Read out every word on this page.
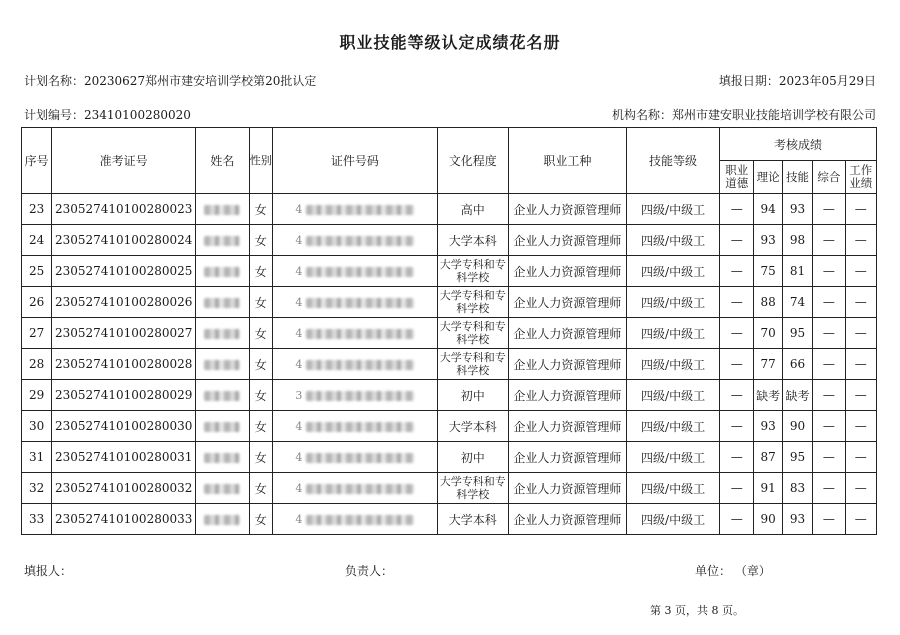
职业技能等级认定成绩花名册
计划名称：20230627郑州市建安培训学校第20批认定	填报日期：2023年05月29日
计划编号：23410100280020	机构名称：郑州市建安职业技能培训学校有限公司
序号	准考证号	姓名	性别	证件号码	文化程度	职业工种	技能等级	考核成绩				
								职业道德	理论	技能	综合	工作业绩
23	230527410100280023		女	4	高中	企业人力资源管理师	四级/中级工	—	94	93	—	—
24	230527410100280024		女	4	大学本科	企业人力资源管理师	四级/中级工	—	93	98	—	—
25	230527410100280025		女	4	大学专科和专科学校	企业人力资源管理师	四级/中级工	—	75	81	—	—
26	230527410100280026		女	4	大学专科和专科学校	企业人力资源管理师	四级/中级工	—	88	74	—	—
27	230527410100280027		女	4	大学专科和专科学校	企业人力资源管理师	四级/中级工	—	70	95	—	—
28	230527410100280028		女	4	大学专科和专科学校	企业人力资源管理师	四级/中级工	—	77	66	—	—
29	230527410100280029		女	3	初中	企业人力资源管理师	四级/中级工	—	缺考	缺考	—	—
30	230527410100280030		女	4	大学本科	企业人力资源管理师	四级/中级工	—	93	90	—	—
31	230527410100280031		女	4	初中	企业人力资源管理师	四级/中级工	—	87	95	—	—
32	230527410100280032		女	4	大学专科和专科学校	企业人力资源管理师	四级/中级工	—	91	83	—	—
33	230527410100280033		女	4	大学本科	企业人力资源管理师	四级/中级工	—	90	93	—	—
填报人：	负责人：	单位： （章）
第 3 页，共 8 页。
